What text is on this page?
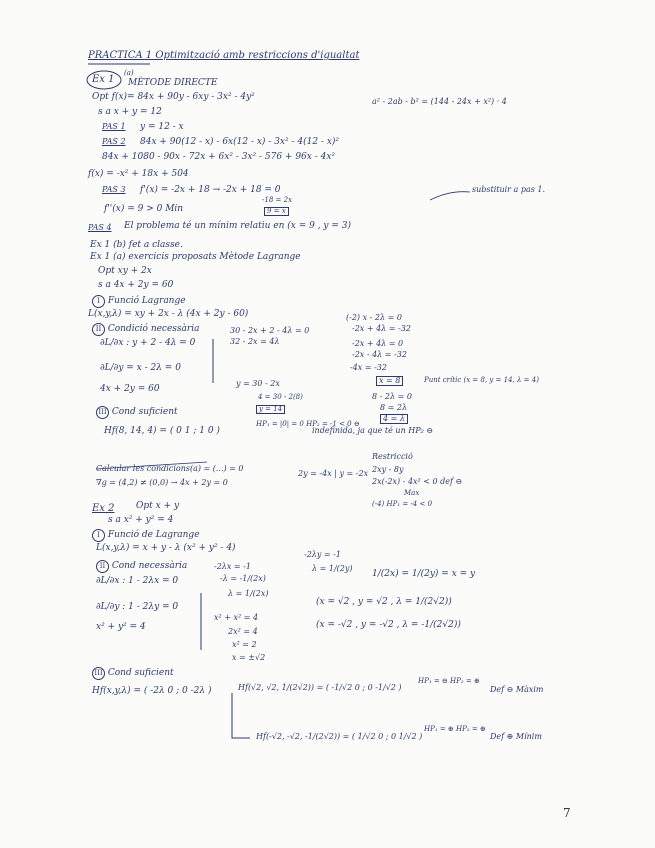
PRACTICA 1 Optimització amb restriccions d'igualtat
Ex 1
(a)
MÈTODE DIRECTE
Opt f(x)= 84x + 90y - 6xy - 3x² - 4y²
s a x + y = 12
PAS 1 y = 12 - x
a² - 2ab - b² = (144 - 24x + x²) · 4
PAS 2 84x + 90(12 - x) - 6x(12 - x) - 3x² - 4(12 - x)²
84x + 1080 - 90x - 72x + 6x² - 3x² - 576 + 96x - 4x²
f(x) = -x² + 18x + 504
PAS 3 f'(x) = -2x + 18 → -2x + 18 = 0
-18 = 2x
9 = x
f''(x) = 9 > 0 Min
substituir a pas 1.
PAS 4 El problema té un mínim relatiu en (x = 9 , y = 3)
Ex 1 (b) fet a classe.
Ex 1 (a) exercicis proposats Mètode Lagrange
Opt xy + 2x
s a 4x + 2y = 60
I Funció Lagrange
L(x,y,λ) = xy + 2x - λ (4x + 2y - 60)
II Condició necessària
∂L/∂x : y + 2 - 4λ = 0
∂L/∂y = x - 2λ = 0
4x + 2y = 60
30 - 2x + 2 - 4λ = 0
32 - 2x = 4λ
y = 30 - 2x
4 = 30 - 2(8)
y = 14
(-2) x - 2λ = 0
-2x + 4λ = -32
-2x + 4λ = 0
-2x - 4λ = -32
-4x = -32
x = 8
8 - 2λ = 0
8 = 2λ
4 = λ
Punt crític (x = 8, y = 14, λ = 4)
III Cond suficient
Hf(8, 14, 4) = ( 0 1 ; 1 0 )
HP₁ = |0| = 0 HP₂ = -1 < 0 ⊖
indefinida, ja que té un HP₂ ⊖
Calcular les condicions(a) = (...) = 0
∇g = (4,2) ≠ (0,0) → 4x + 2y = 0
2y = -4x | y = -2x
Restricció
2xy - 8y
2x(-2x) - 4x² < 0 def ⊖
Max
(-4) HP₁ = -4 < 0
Ex 2 Opt x + y
s a x² + y² = 4
I Funció de Lagrange
L(x,y,λ) = x + y - λ (x² + y² - 4)
II Cond necessària
∂L/∂x : 1 - 2λx = 0
∂L/∂y : 1 - 2λy = 0
x² + y² = 4
-2λx = -1
-λ = -1/(2x)
λ = 1/(2x)
x² + x² = 4
2x² = 4
x² = 2
x = ±√2
-2λy = -1
λ = 1/(2y)
1/(2x) = 1/(2y) = x = y
(x = √2 , y = √2 , λ = 1/(2√2))
(x = -√2 , y = -√2 , λ = -1/(2√2))
III Cond suficient
Hf(x,y,λ) = ( -2λ 0 ; 0 -2λ )	Hf(√2, √2, 1/(2√2)) = ( -1/√2 0 ; 0 -1/√2 )
HP₁ = ⊖ HP₂ = ⊕
Def ⊖ Màxim
Hf(-√2, -√2, -1/(2√2)) = ( 1/√2 0 ; 0 1/√2 )
HP₁ = ⊕ HP₂ = ⊕
Def ⊕ Mínim
7
